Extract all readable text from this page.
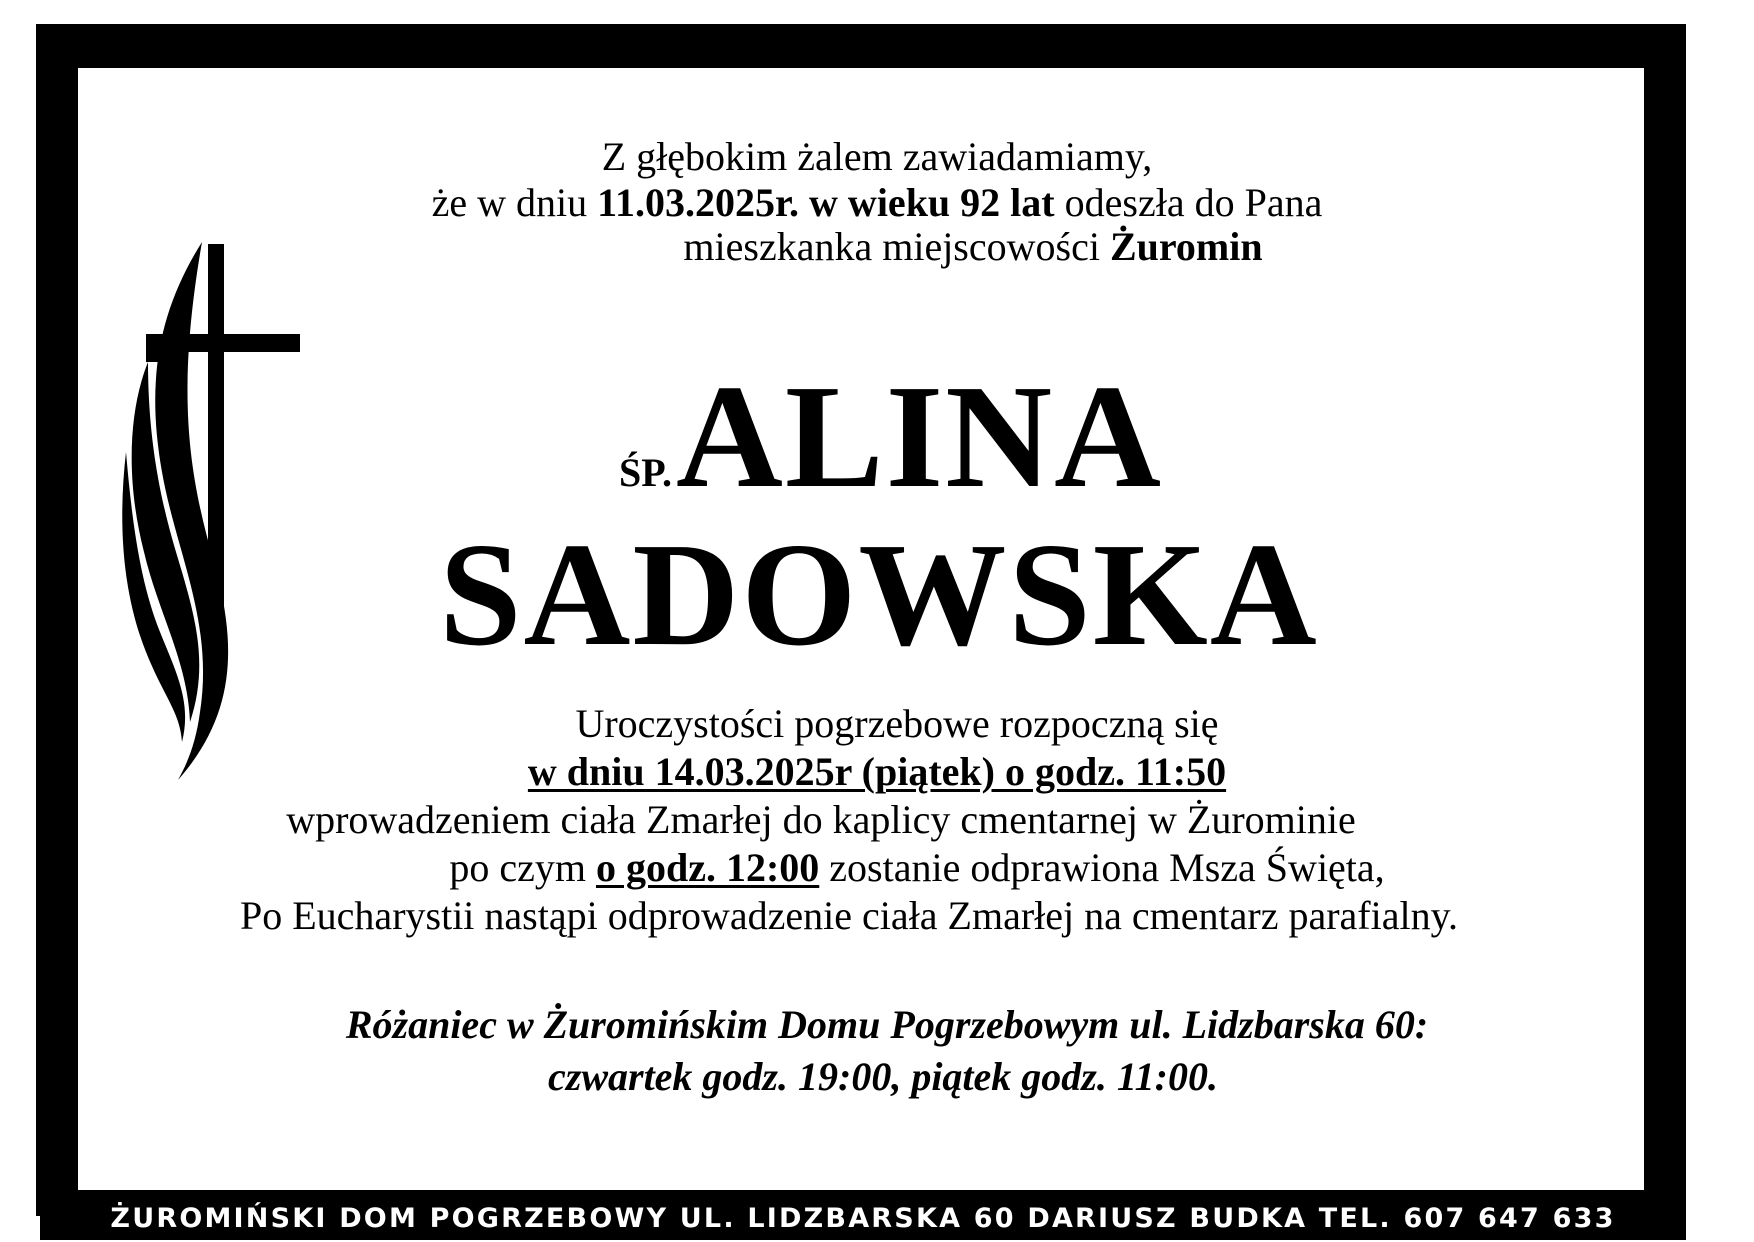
Z głębokim żalem zawiadamiamy,
że w dniu 11.03.2025r. w wieku 92 lat odeszła do Pana
mieszkanka miejscowości Żuromin
ŚP. ALINA
SADOWSKA
Uroczystości pogrzebowe rozpoczną się
w dniu 14.03.2025r (piątek) o godz. 11:50
wprowadzeniem ciała Zmarłej do kaplicy cmentarnej w Żurominie
po czym o godz. 12:00 zostanie odprawiona Msza Święta,
Po Eucharystii nastąpi odprowadzenie ciała Zmarłej na cmentarz parafialny.
Różaniec w Żuromińskim Domu Pogrzebowym ul. Lidzbarska 60:
czwartek godz. 19:00, piątek godz. 11:00.
ŻUROMIŃSKI DOM POGRZEBOWY UL. LIDZBARSKA 60 DARIUSZ BUDKA TEL. 607 647 633
